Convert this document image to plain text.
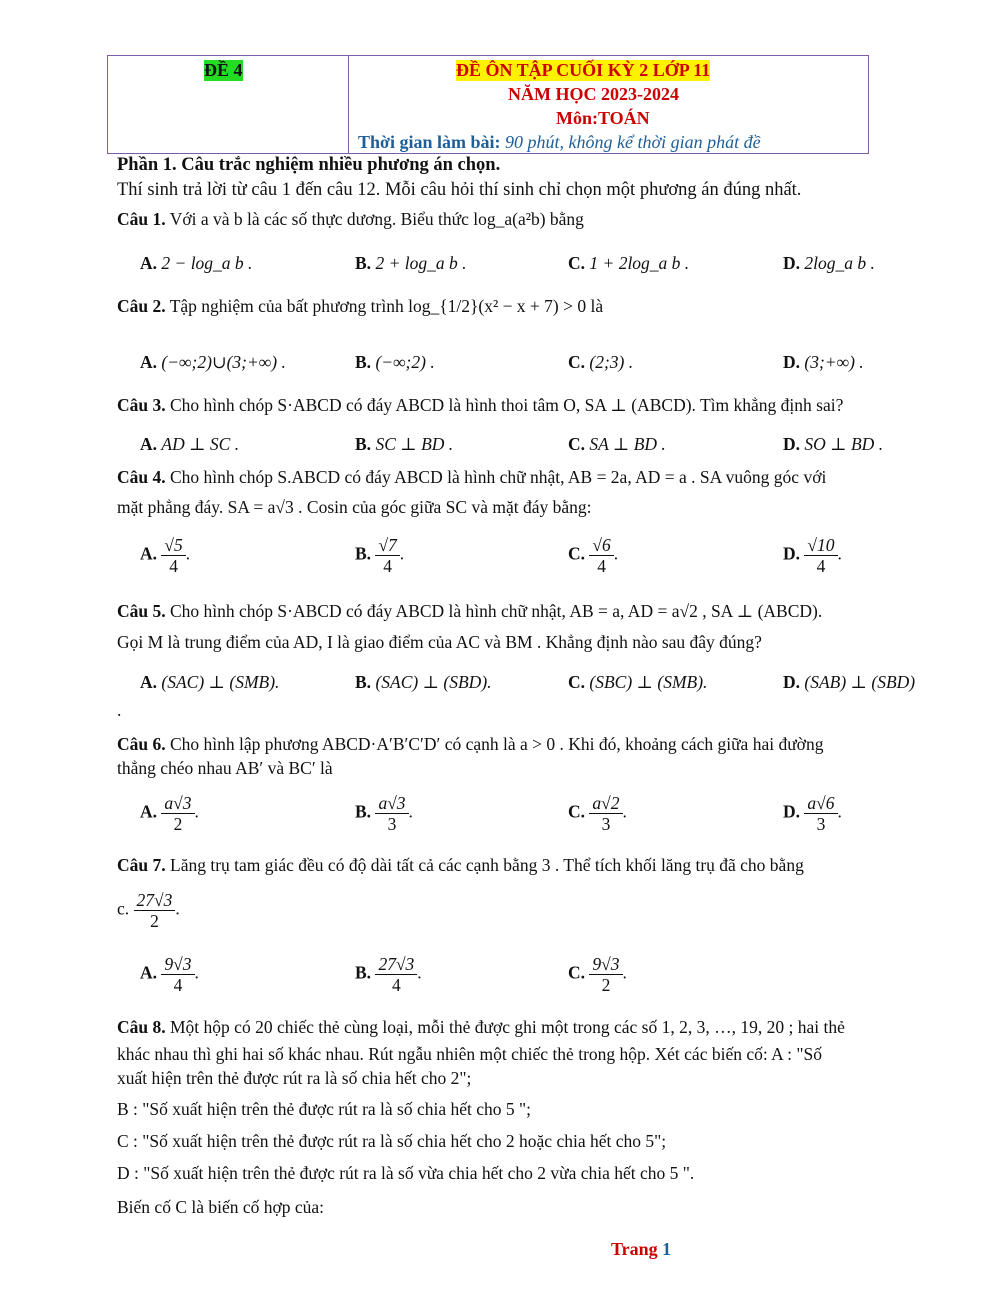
ĐỀ 4	ĐỀ ÔN TẬP CUỐI KỲ 2 LỚP 11
NĂM HỌC 2023-2024
Môn:TOÁN
Thời gian làm bài: 90 phút, không kể thời gian phát đề
Phần 1. Câu trắc nghiệm nhiều phương án chọn.
Thí sinh trả lời từ câu 1 đến câu 12. Mỗi câu hỏi thí sinh chỉ chọn một phương án đúng nhất.
Câu 1. Với a và b là các số thực dương. Biểu thức log_a(a²b) bằng
A. 2 − log_a b .	B. 2 + log_a b .	C. 1 + 2log_a b .	D. 2log_a b .
Câu 2. Tập nghiệm của bất phương trình log_{1/2}(x² − x + 7) > 0 là
A. (−∞;2)∪(3;+∞) .	B. (−∞;2) .	C. (2;3) .	D. (3;+∞) .
Câu 3. Cho hình chóp S·ABCD có đáy ABCD là hình thoi tâm O, SA ⊥ (ABCD). Tìm khẳng định sai?
A. AD ⊥ SC .	B. SC ⊥ BD .	C. SA ⊥ BD .	D. SO ⊥ BD .
Câu 4. Cho hình chóp S.ABCD có đáy ABCD là hình chữ nhật, AB = 2a, AD = a . SA vuông góc với
mặt phẳng đáy. SA = a√3 . Cosin của góc giữa SC và mặt đáy bằng:
A. $\frac{√5}{4}$ .	B. $\frac{√7}{4}$ .	C. $\frac{√6}{4}$ .	D. $\frac{√10}{4}$ .
Câu 5. Cho hình chóp S·ABCD có đáy ABCD là hình chữ nhật, AB = a, AD = a√2 , SA ⊥ (ABCD).
Gọi M là trung điểm của AD, I là giao điểm của AC và BM . Khẳng định nào sau đây đúng?
A. (SAC) ⊥ (SMB).	B. (SAC) ⊥ (SBD).	C. (SBC) ⊥ (SMB).	D. (SAB) ⊥ (SBD)
.
Câu 6. Cho hình lập phương ABCD·A′B′C′D′ có cạnh là a > 0 . Khi đó, khoảng cách giữa hai đường
thẳng chéo nhau AB′ và BC′ là
A. $\frac{a√3}{2}$ .	B. $\frac{a√3}{3}$ .	C. $\frac{a√2}{3}$ .	D. $\frac{a√6}{3}$ .
Câu 7. Lăng trụ tam giác đều có độ dài tất cả các cạnh bằng 3 . Thể tích khối lăng trụ đã cho bằng
c. $\frac{27√3}{2}$ .
A. $\frac{9√3}{4}$ .	B. $\frac{27√3}{4}$ .	C. $\frac{9√3}{2}$ .
Câu 8. Một hộp có 20 chiếc thẻ cùng loại, mỗi thẻ được ghi một trong các số 1, 2, 3, …, 19, 20 ; hai thẻ
khác nhau thì ghi hai số khác nhau. Rút ngẫu nhiên một chiếc thẻ trong hộp. Xét các biến cố: A : "Số
xuất hiện trên thẻ được rút ra là số chia hết cho 2";
B : "Số xuất hiện trên thẻ được rút ra là số chia hết cho 5 ";
C : "Số xuất hiện trên thẻ được rút ra là số chia hết cho 2 hoặc chia hết cho 5";
D : "Số xuất hiện trên thẻ được rút ra là số vừa chia hết cho 2 vừa chia hết cho 5 ".
Biến cố C là biến cố hợp của:
Trang 1
